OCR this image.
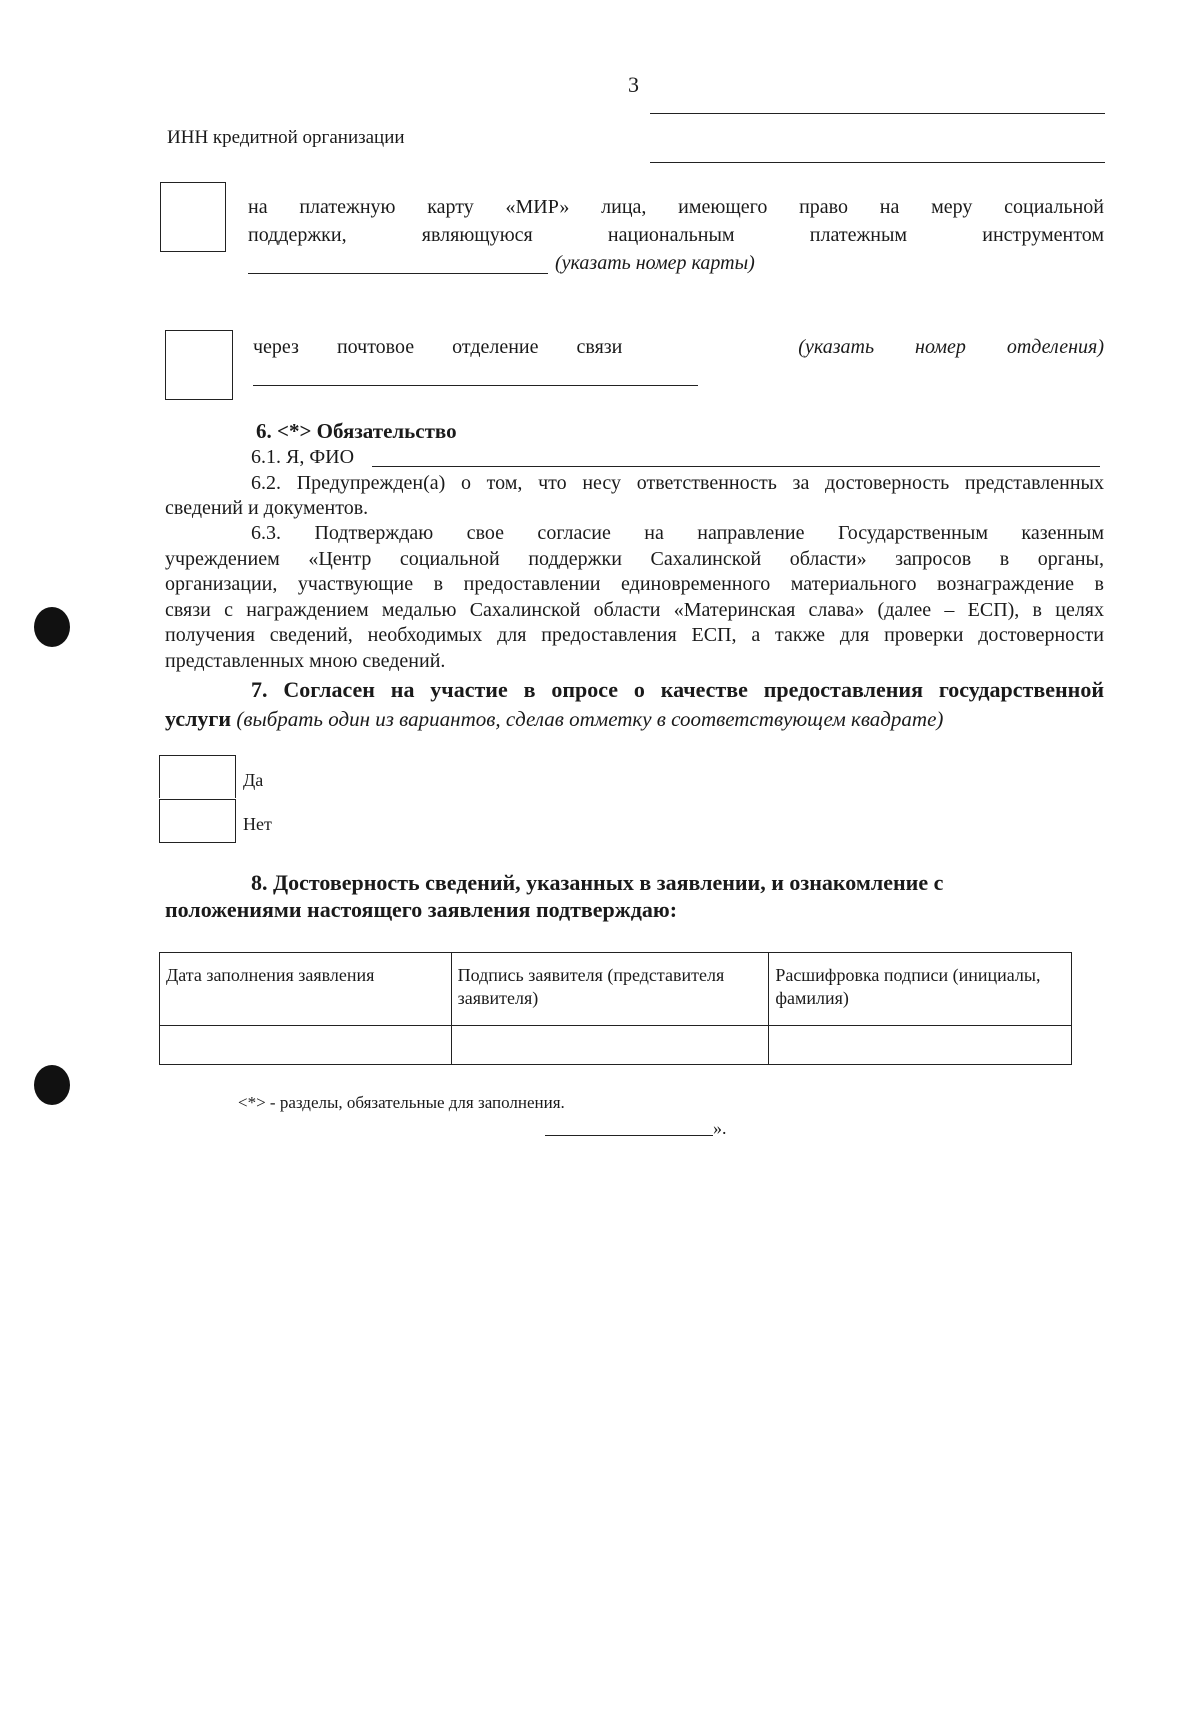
3
ИНН кредитной организации
на платежную карту «МИР» лица, имеющего право на меру социальной
поддержки, являющуюся национальным платежным инструментом
(указать номер карты)
через почтовое отделение связи	(указать номер отделения)
6. <*> Обязательство
6.1. Я, ФИО
6.2. Предупрежден(а) о том, что несу ответственность за достоверность представленных
сведений и документов.
6.3. Подтверждаю свое согласие на направление Государственным казенным
учреждением «Центр социальной поддержки Сахалинской области» запросов в органы,
организации, участвующие в предоставлении единовременного материального вознаграждение в
связи с награждением медалью Сахалинской области «Материнская слава» (далее – ЕСП), в целях
получения сведений, необходимых для предоставления ЕСП, а также для проверки достоверности
представленных мною сведений.
7. Согласен на участие в опросе о качестве предоставления государственной
услуги (выбрать один из вариантов, сделав отметку в соответствующем квадрате)
Да
Нет
8. Достоверность сведений, указанных в заявлении, и ознакомление с
положениями настоящего заявления подтверждаю:
Дата заполнения заявления	Подпись заявителя (представителя заявителя)	Расшифровка подписи (инициалы, фамилия)

<*> - разделы, обязательные для заполнения.
».
